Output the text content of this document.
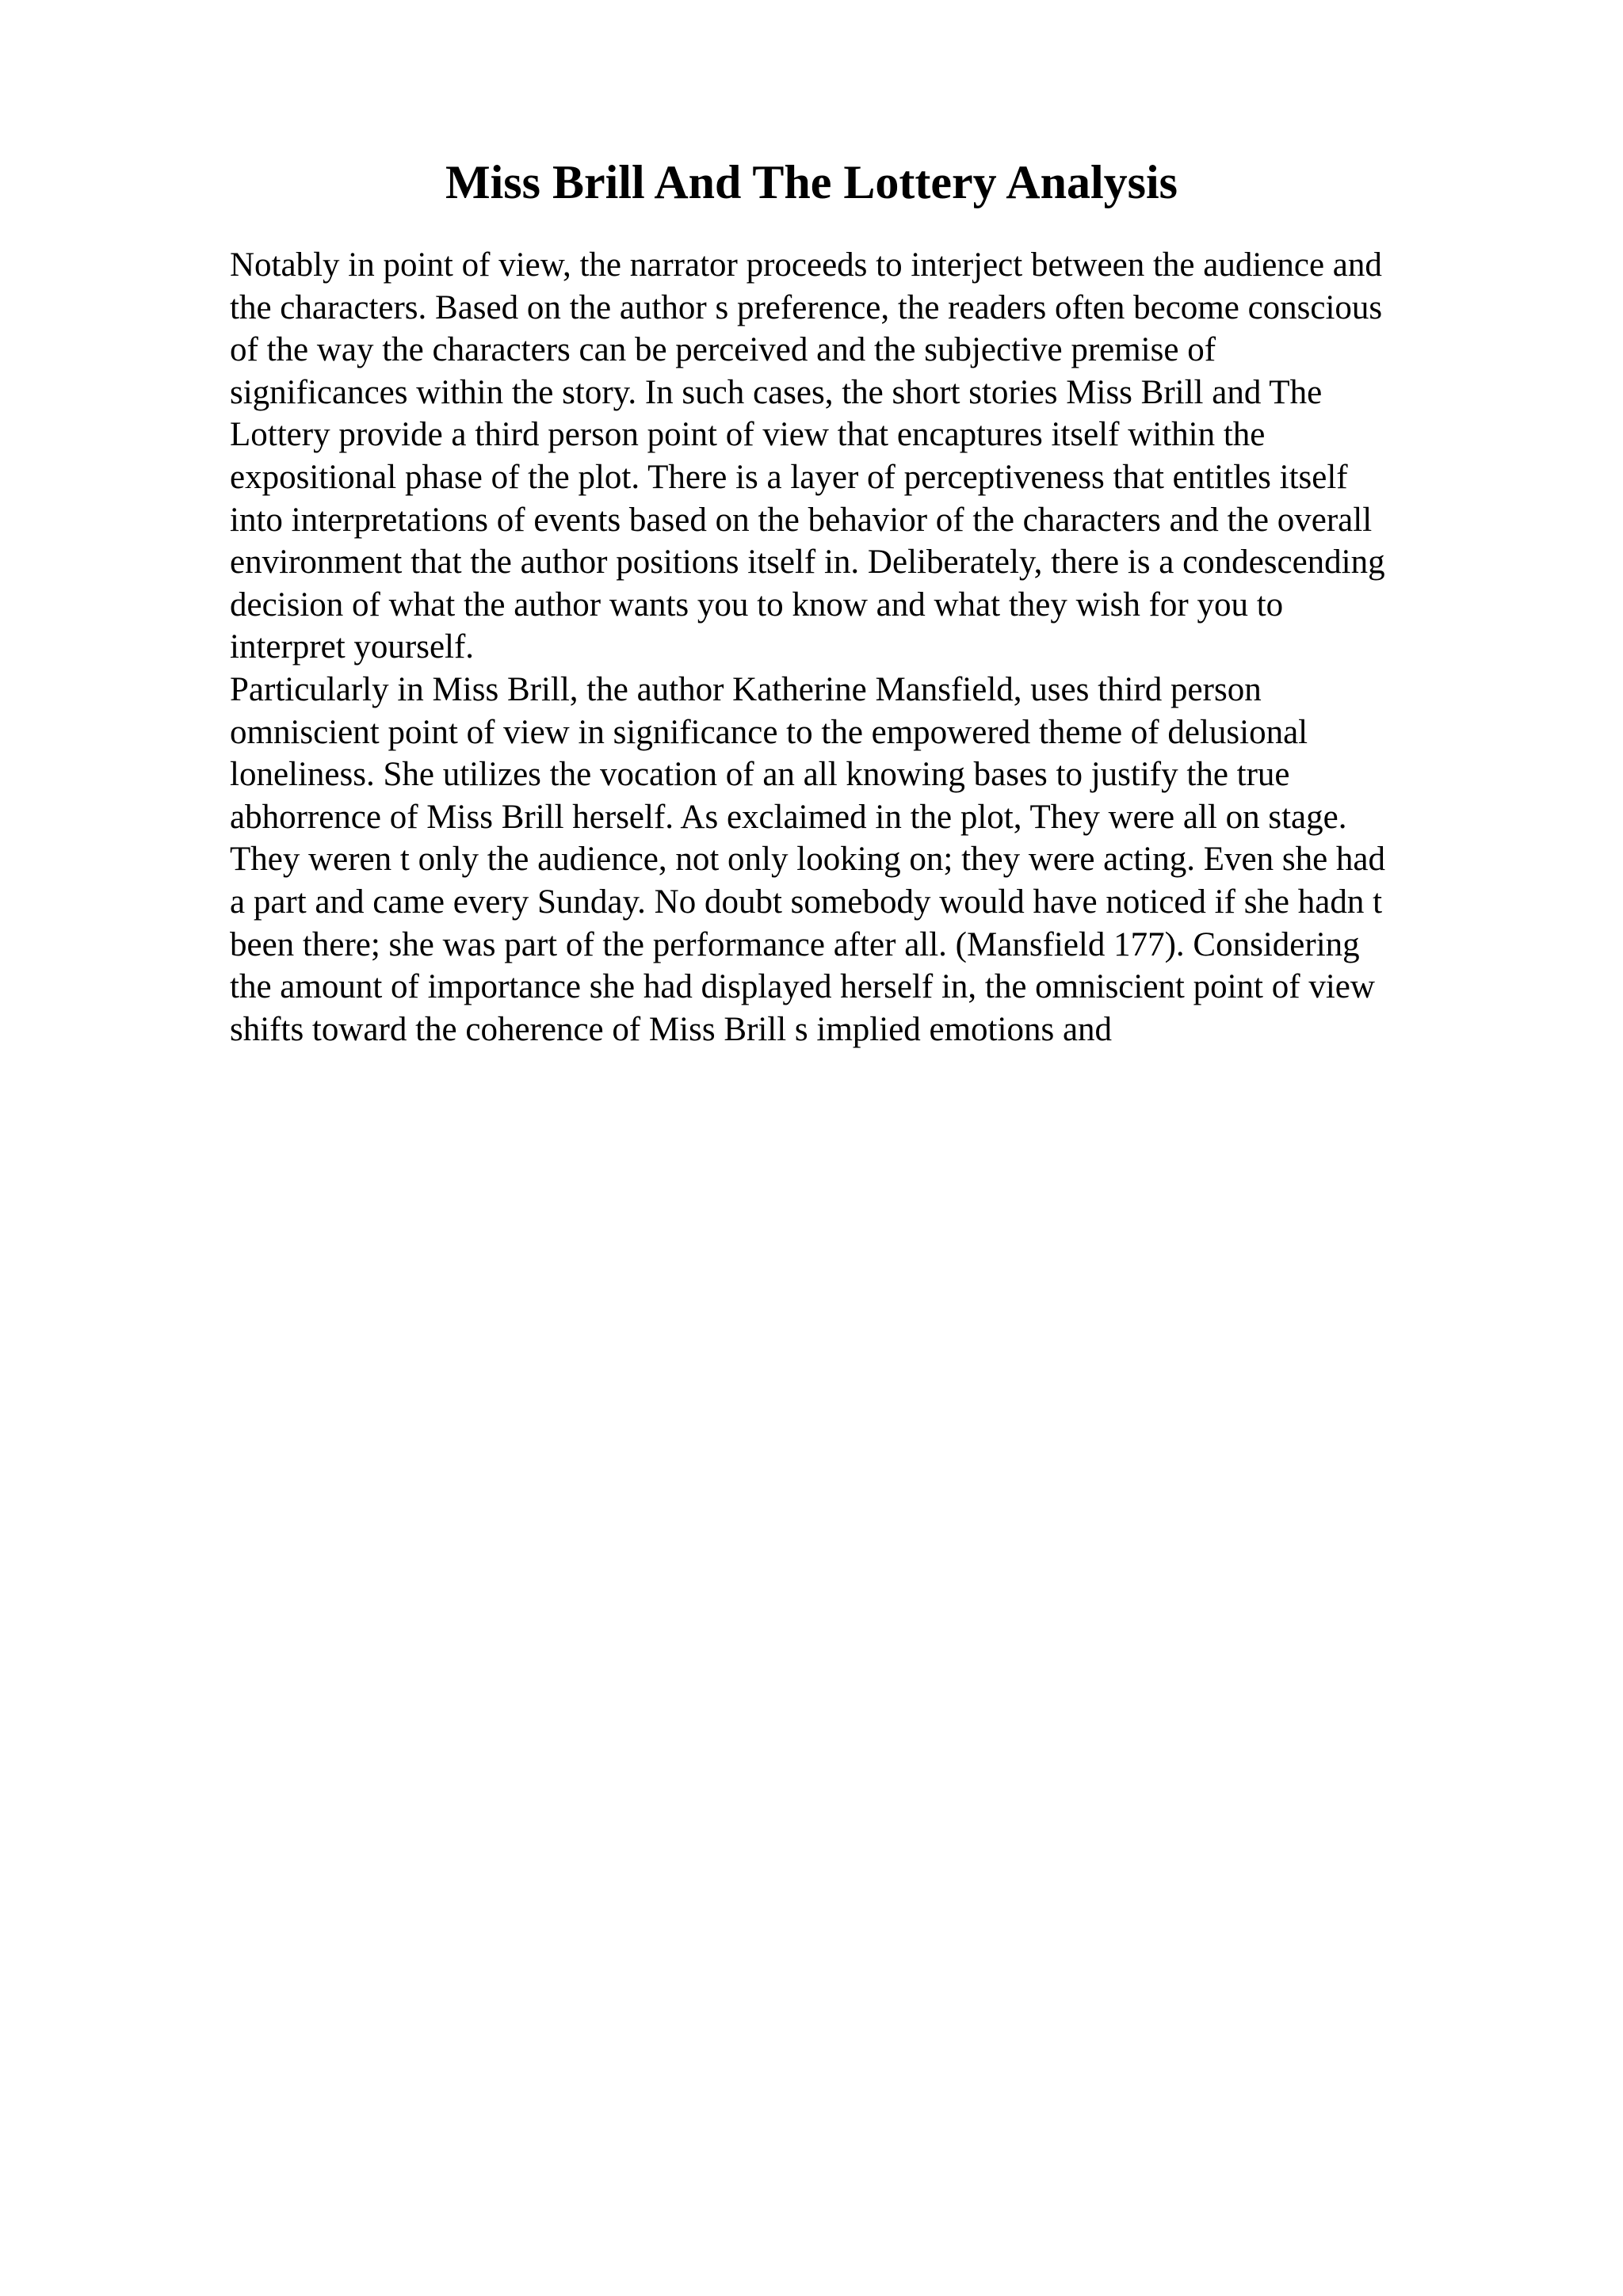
Miss Brill And The Lottery Analysis
Notably in point of view, the narrator proceeds to interject between the audience and
the characters. Based on the author s preference, the readers often become conscious
of the way the characters can be perceived and the subjective premise of
significances within the story. In such cases, the short stories Miss Brill and The
Lottery provide a third person point of view that encaptures itself within the
expositional phase of the plot. There is a layer of perceptiveness that entitles itself
into interpretations of events based on the behavior of the characters and the overall
environment that the author positions itself in. Deliberately, there is a condescending
decision of what the author wants you to know and what they wish for you to
interpret yourself.
Particularly in Miss Brill, the author Katherine Mansfield, uses third person
omniscient point of view in significance to the empowered theme of delusional
loneliness. She utilizes the vocation of an all knowing bases to justify the true
abhorrence of Miss Brill herself. As exclaimed in the plot, They were all on stage.
They weren t only the audience, not only looking on; they were acting. Even she had
a part and came every Sunday. No doubt somebody would have noticed if she hadn t
been there; she was part of the performance after all. (Mansfield 177). Considering
the amount of importance she had displayed herself in, the omniscient point of view
shifts toward the coherence of Miss Brill s implied emotions and
